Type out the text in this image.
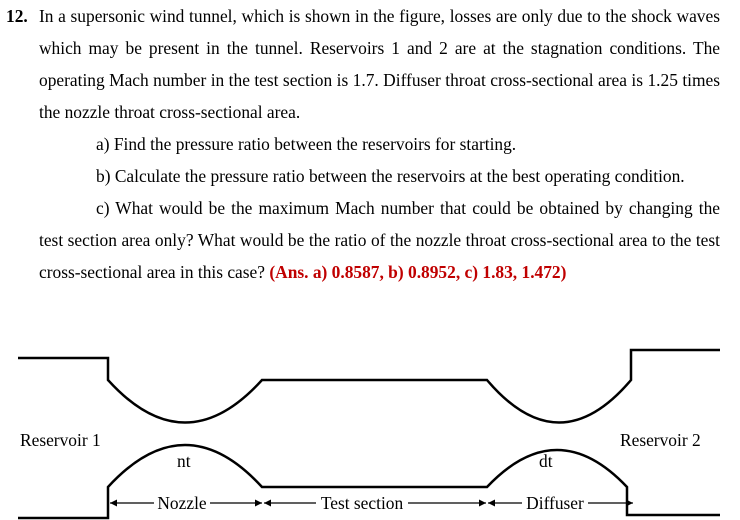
12. In a supersonic wind tunnel, which is shown in the figure, losses are only due to the shock waves which may be present in the tunnel. Reservoirs 1 and 2 are at the stagnation conditions. The operating Mach number in the test section is 1.7. Diffuser throat cross-sectional area is 1.25 times the nozzle throat cross-sectional area.

a) Find the pressure ratio between the reservoirs for starting.

b) Calculate the pressure ratio between the reservoirs at the best operating condition.

c) What would be the maximum Mach number that could be obtained by changing the test section area only? What would be the ratio of the nozzle throat cross-sectional area to the test cross-sectional area in this case? (Ans. a) 0.8587, b) 0.8952, c) 1.83, 1.472)

Reservoir 1	Reservoir 2
nt	dt
Nozzle	Test section	Diffuser
